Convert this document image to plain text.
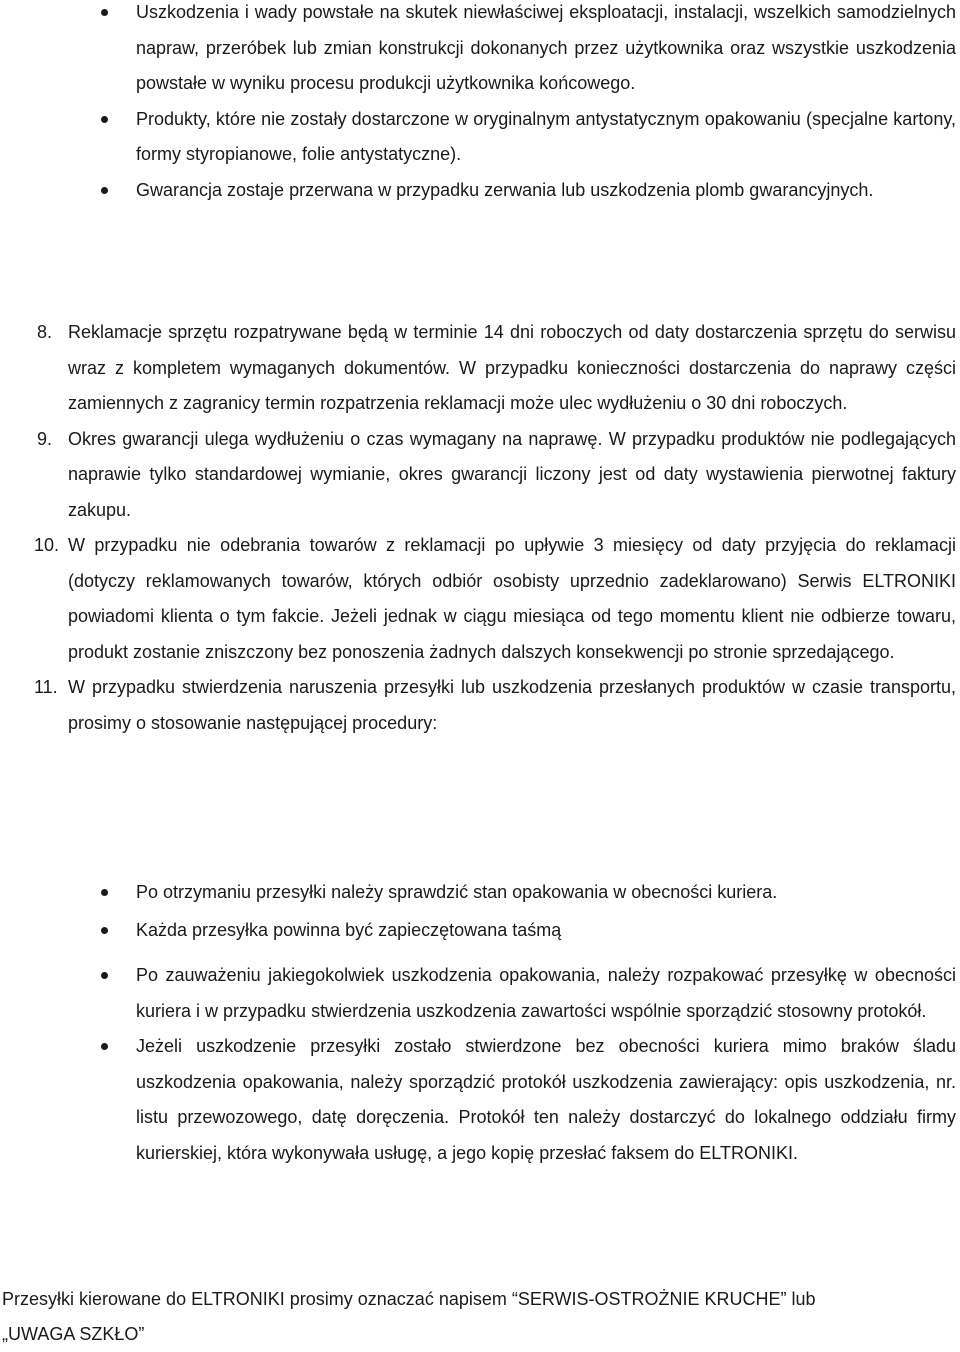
Uszkodzenia i wady powstałe na skutek niewłaściwej eksploatacji, instalacji, wszelkich samodzielnych napraw, przeróbek lub zmian konstrukcji dokonanych przez użytkownika oraz wszystkie uszkodzenia powstałe w wyniku procesu produkcji użytkownika końcowego.
Produkty, które nie zostały dostarczone w oryginalnym antystatycznym opakowaniu (specjalne kartony, formy styropianowe, folie antystatyczne).
Gwarancja zostaje przerwana w przypadku zerwania lub uszkodzenia plomb gwarancyjnych.
8. Reklamacje sprzętu rozpatrywane będą w terminie 14 dni roboczych od daty dostarczenia sprzętu do serwisu wraz z kompletem wymaganych dokumentów. W przypadku konieczności dostarczenia do naprawy części zamiennych z zagranicy termin rozpatrzenia reklamacji może ulec wydłużeniu o 30 dni roboczych.
9. Okres gwarancji ulega wydłużeniu o czas wymagany na naprawę. W przypadku produktów nie podlegających naprawie tylko standardowej wymianie, okres gwarancji liczony jest od daty wystawienia pierwotnej faktury zakupu.
10. W przypadku nie odebrania towarów z reklamacji po upływie 3 miesięcy od daty przyjęcia do reklamacji (dotyczy reklamowanych towarów, których odbiór osobisty uprzednio zadeklarowano) Serwis ELTRONIKI powiadomi klienta o tym fakcie. Jeżeli jednak w ciągu miesiąca od tego momentu klient nie odbierze towaru, produkt zostanie zniszczony bez ponoszenia żadnych dalszych konsekwencji po stronie sprzedającego.
11. W przypadku stwierdzenia naruszenia przesyłki lub uszkodzenia przesłanych produktów w czasie transportu, prosimy o stosowanie następującej procedury:
Po otrzymaniu przesyłki należy sprawdzić stan opakowania w obecności kuriera.
Każda przesyłka powinna być zapieczętowana taśmą
Po zauważeniu jakiegokolwiek uszkodzenia opakowania, należy rozpakować przesyłkę w obecności kuriera i w przypadku stwierdzenia uszkodzenia zawartości wspólnie sporządzić stosowny protokół.
Jeżeli uszkodzenie przesyłki zostało stwierdzone bez obecności kuriera mimo braków śladu uszkodzenia opakowania, należy sporządzić protokół uszkodzenia zawierający: opis uszkodzenia, nr. listu przewozowego, datę doręczenia. Protokół ten należy dostarczyć do lokalnego oddziału firmy kurierskiej, która wykonywała usługę, a jego kopię przesłać faksem do ELTRONIKI.

Przesyłki kierowane do ELTRONIKI prosimy oznaczać napisem “SERWIS-OSTROŻNIE KRUCHE” lub „UWAGA SZKŁO”
